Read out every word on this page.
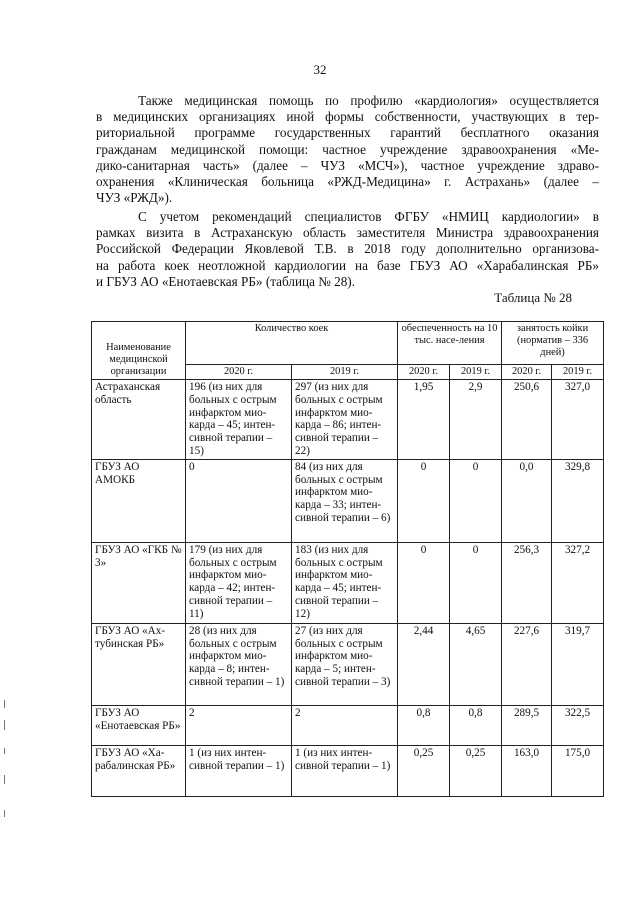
32

Также медицинская помощь по профилю «кардиология» осуществляется
в медицинских организациях иной формы собственности, участвующих в тер-
риториальной программе государственных гарантий бесплатного оказания
гражданам медицинской помощи: частное учреждение здравоохранения «Ме-
дико-санитарная часть» (далее – ЧУЗ «МСЧ»), частное учреждение здраво-
охранения «Клиническая больница «РЖД-Медицина» г. Астрахань» (далее –
ЧУЗ «РЖД»).

С учетом рекомендаций специалистов ФГБУ «НМИЦ кардиологии» в
рамках визита в Астраханскую область заместителя Министра здравоохранения
Российской Федерации Яковлевой Т.В. в 2018 году дополнительно организова-
на работа коек неотложной кардиологии на базе ГБУЗ АО «Харабалинская РБ»
и ГБУЗ АО «Енотаевская РБ» (таблица № 28).

Таблица № 28
Наименование медицинской организации	Количество коек		обеспеченность на 10 тыс. насе-ления		занятость койки (норматив – 336 дней)	
	2020 г.	2019 г.	2020 г.	2019 г.	2020 г.	2019 г.
Астраханская область	196 (из них для больных с острым инфарктом мио-карда – 45; интен-сивной терапии – 15)	297 (из них для больных с острым инфарктом мио-карда – 86; интен-сивной терапии – 22)	1,95	2,9	250,6	327,0
ГБУЗ АО АМОКБ	0	84 (из них для больных с острым инфарктом мио-карда – 33; интен-сивной терапии – 6)	0	0	0,0	329,8
ГБУЗ АО «ГКБ № 3»	179 (из них для больных с острым инфарктом мио-карда – 42; интен-сивной терапии – 11)	183 (из них для больных с острым инфарктом мио-карда – 45; интен-сивной терапии – 12)	0	0	256,3	327,2
ГБУЗ АО «Ах-тубинская РБ»	28 (из них для больных с острым инфарктом мио-карда – 8; интен-сивной терапии – 1)	27 (из них для больных с острым инфарктом мио-карда – 5; интен-сивной терапии – 3)	2,44	4,65	227,6	319,7
ГБУЗ АО «Енотаевская РБ»	2	2	0,8	0,8	289,5	322,5
ГБУЗ АО «Ха-рабалинская РБ»	1 (из них интен-сивной терапии – 1)	1 (из них интен-сивной терапии – 1)	0,25	0,25	163,0	175,0
